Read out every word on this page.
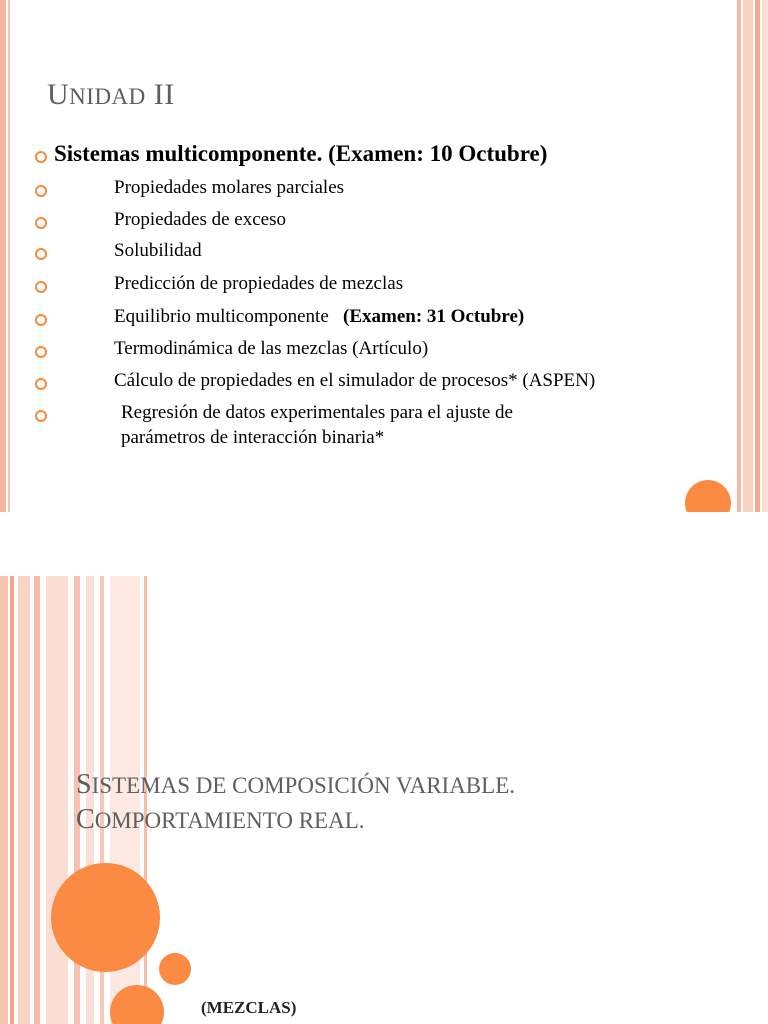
UNIDAD II

Sistemas multicomponente. (Examen: 10 Octubre)

Propiedades molares parciales

Propiedades de exceso

Solubilidad

Predicción de propiedades de mezclas

Equilibrio multicomponente (Examen: 31 Octubre)

Termodinámica de las mezclas (Artículo)

Cálculo de propiedades en el simulador de procesos* (ASPEN)

Regresión de datos experimentales para el ajuste de

parámetros de interacción binaria*

SISTEMAS DE COMPOSICIÓN VARIABLE.
COMPORTAMIENTO REAL.

(MEZCLAS)
